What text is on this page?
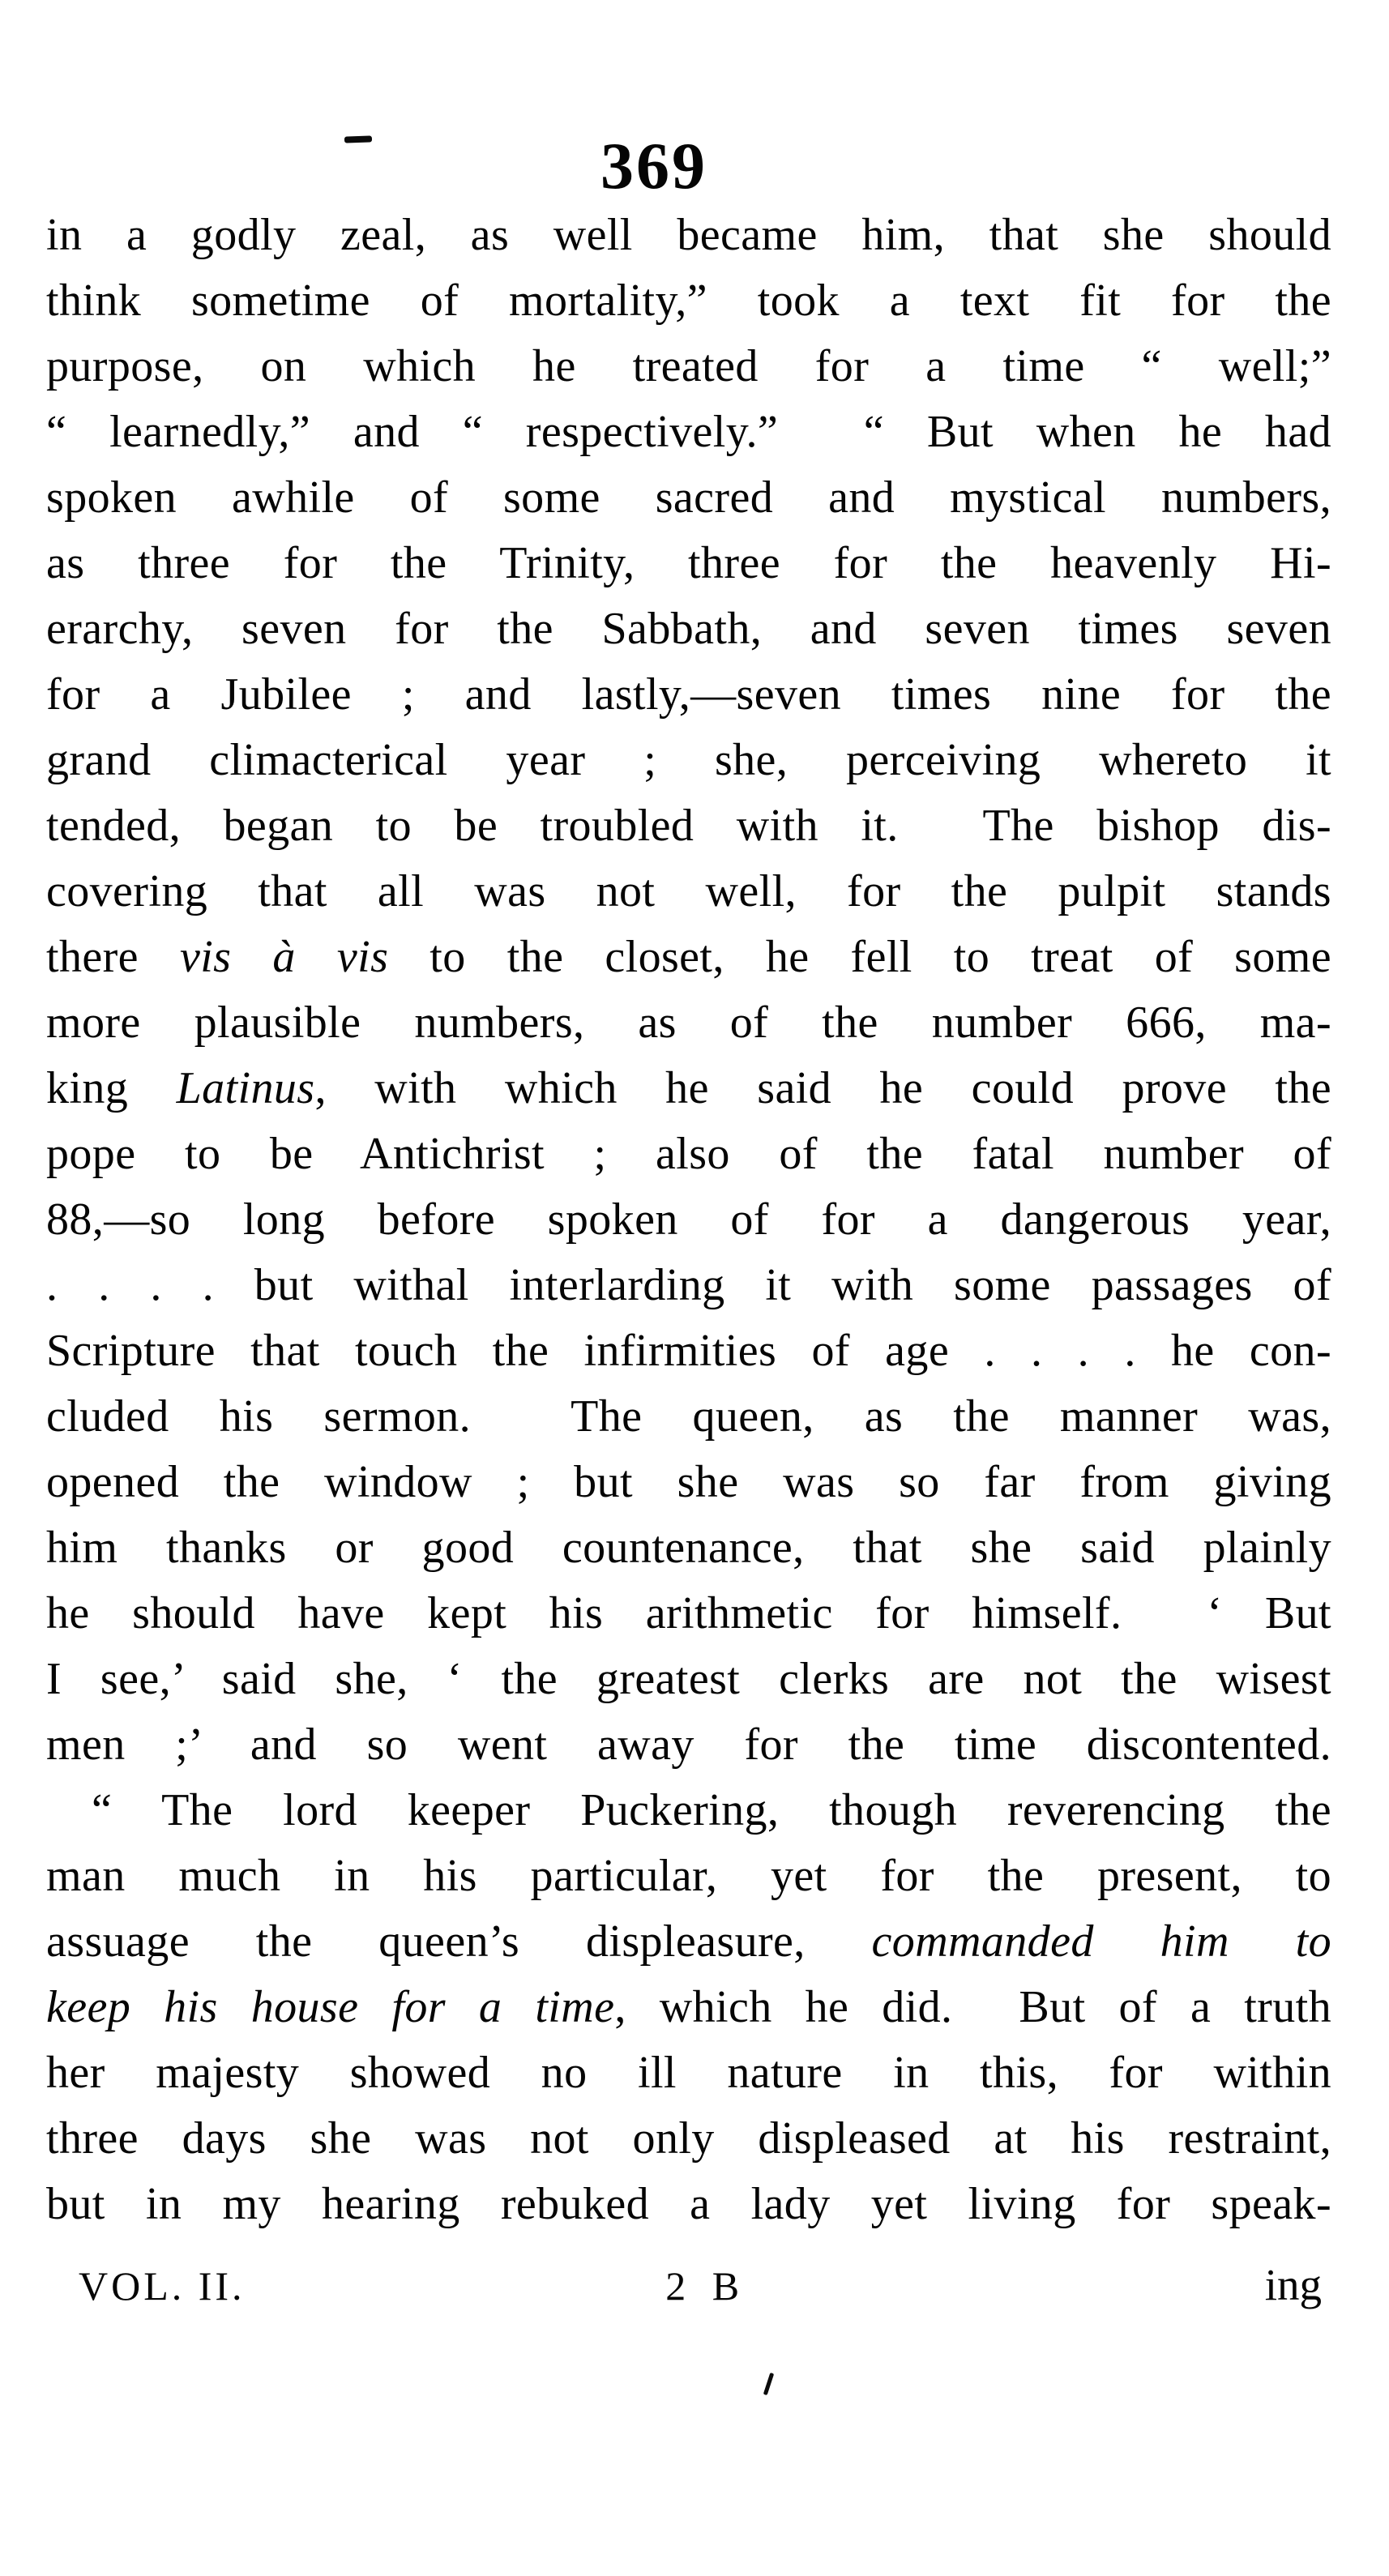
369
in a godly zeal, as well became him, that she should
think sometime of mortality,” took a text fit for the
purpose, on which he treated for a time “ well;”
“ learnedly,” and “ respectively.”  “ But when he had
spoken awhile of some sacred and mystical numbers,
as three for the Trinity, three for the heavenly Hi-
erarchy, seven for the Sabbath, and seven times seven
for a Jubilee ; and lastly,—seven times nine for the
grand climacterical year ; she, perceiving whereto it
tended, began to be troubled with it.  The bishop dis-
covering that all was not well, for the pulpit stands
there vis à vis to the closet, he fell to treat of some
more plausible numbers, as of the number 666, ma-
king Latinus, with which he said he could prove the
pope to be Antichrist ; also of the fatal number of
88,—so long before spoken of for a dangerous year,
. . . . but withal interlarding it with some passages of
Scripture that touch the infirmities of age . . . . he con-
cluded his sermon.  The queen, as the manner was,
opened the window ; but she was so far from giving
him thanks or good countenance, that she said plainly
he should have kept his arithmetic for himself.  ‘ But
I see,’ said she, ‘ the greatest clerks are not the wisest
men ;’ and so went away for the time discontented.
“ The lord keeper Puckering, though reverencing the
man much in his particular, yet for the present, to
assuage the queen’s displeasure, commanded him to
keep his house for a time, which he did.  But of a truth
her majesty showed no ill nature in this, for within
three days she was not only displeased at his restraint,
but in my hearing rebuked a lady yet living for speak-
VOL. II.	2 B	ing
